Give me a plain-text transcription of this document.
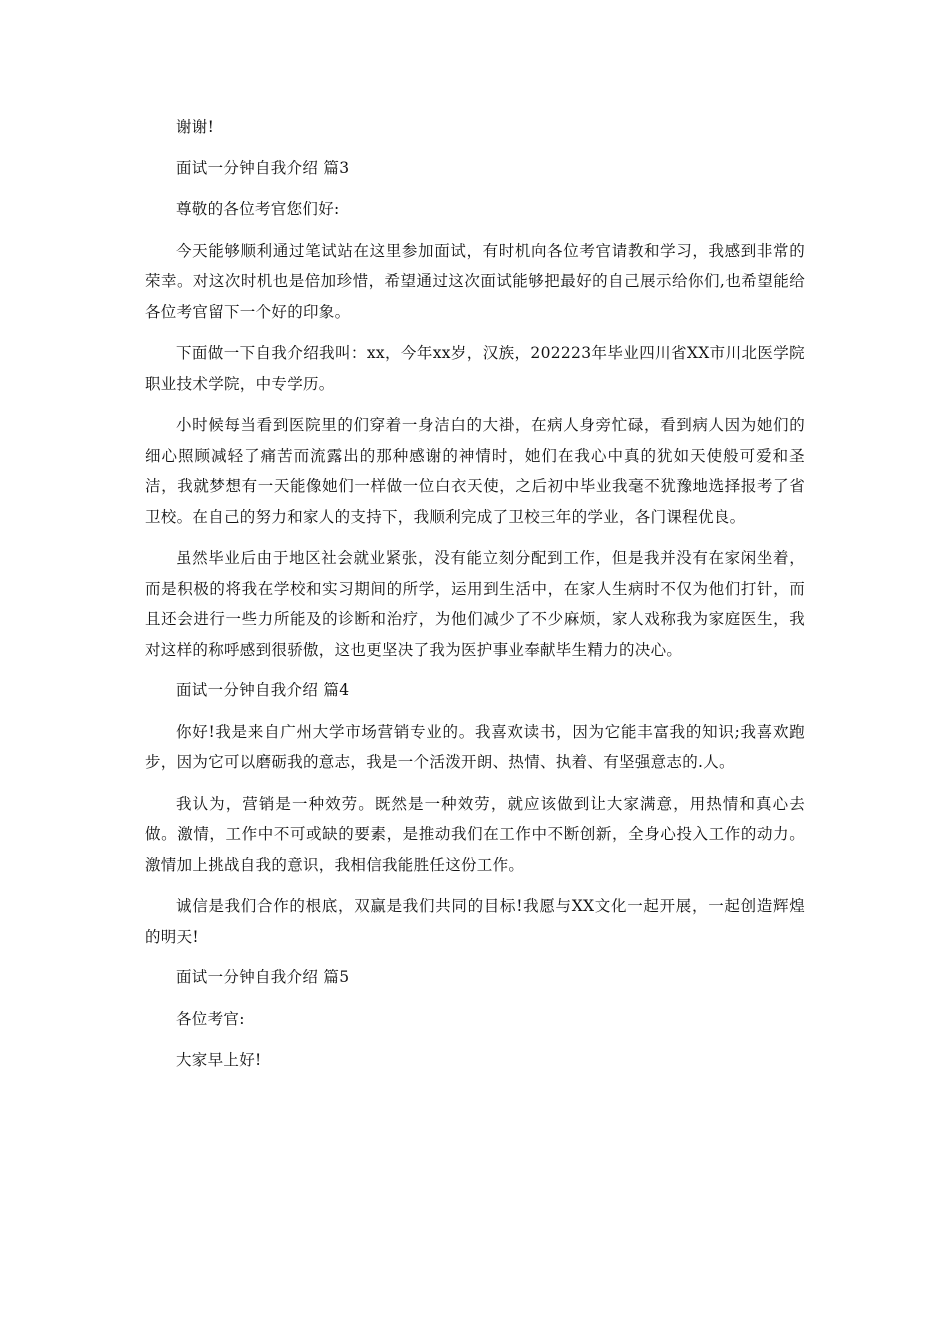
谢谢!

面试一分钟自我介绍 篇3

尊敬的各位考官您们好:

今天能够顺利通过笔试站在这里参加面试，有时机向各位考官请教和学习，我感到非常的荣幸。对这次时机也是倍加珍惜，希望通过这次面试能够把最好的自己展示给你们,也希望能给各位考官留下一个好的印象。

下面做一下自我介绍我叫：xx，今年xx岁，汉族，202223年毕业四川省XX市川北医学院职业技术学院，中专学历。

小时候每当看到医院里的们穿着一身洁白的大褂，在病人身旁忙碌，看到病人因为她们的细心照顾减轻了痛苦而流露出的那种感谢的神情时，她们在我心中真的犹如天使般可爱和圣洁，我就梦想有一天能像她们一样做一位白衣天使，之后初中毕业我毫不犹豫地选择报考了省卫校。在自己的努力和家人的支持下，我顺利完成了卫校三年的学业，各门课程优良。

虽然毕业后由于地区社会就业紧张，没有能立刻分配到工作，但是我并没有在家闲坐着，而是积极的将我在学校和实习期间的所学，运用到生活中，在家人生病时不仅为他们打针，而且还会进行一些力所能及的诊断和治疗，为他们减少了不少麻烦，家人戏称我为家庭医生，我对这样的称呼感到很骄傲，这也更坚决了我为医护事业奉献毕生精力的决心。

面试一分钟自我介绍 篇4

你好!我是来自广州大学市场营销专业的。我喜欢读书，因为它能丰富我的知识;我喜欢跑步，因为它可以磨砺我的意志，我是一个活泼开朗、热情、执着、有坚强意志的.人。

我认为，营销是一种效劳。既然是一种效劳，就应该做到让大家满意，用热情和真心去做。激情，工作中不可或缺的要素，是推动我们在工作中不断创新，全身心投入工作的动力。激情加上挑战自我的意识，我相信我能胜任这份工作。

诚信是我们合作的根底，双赢是我们共同的目标!我愿与XX文化一起开展，一起创造辉煌的明天!

面试一分钟自我介绍 篇5

各位考官:

大家早上好!
